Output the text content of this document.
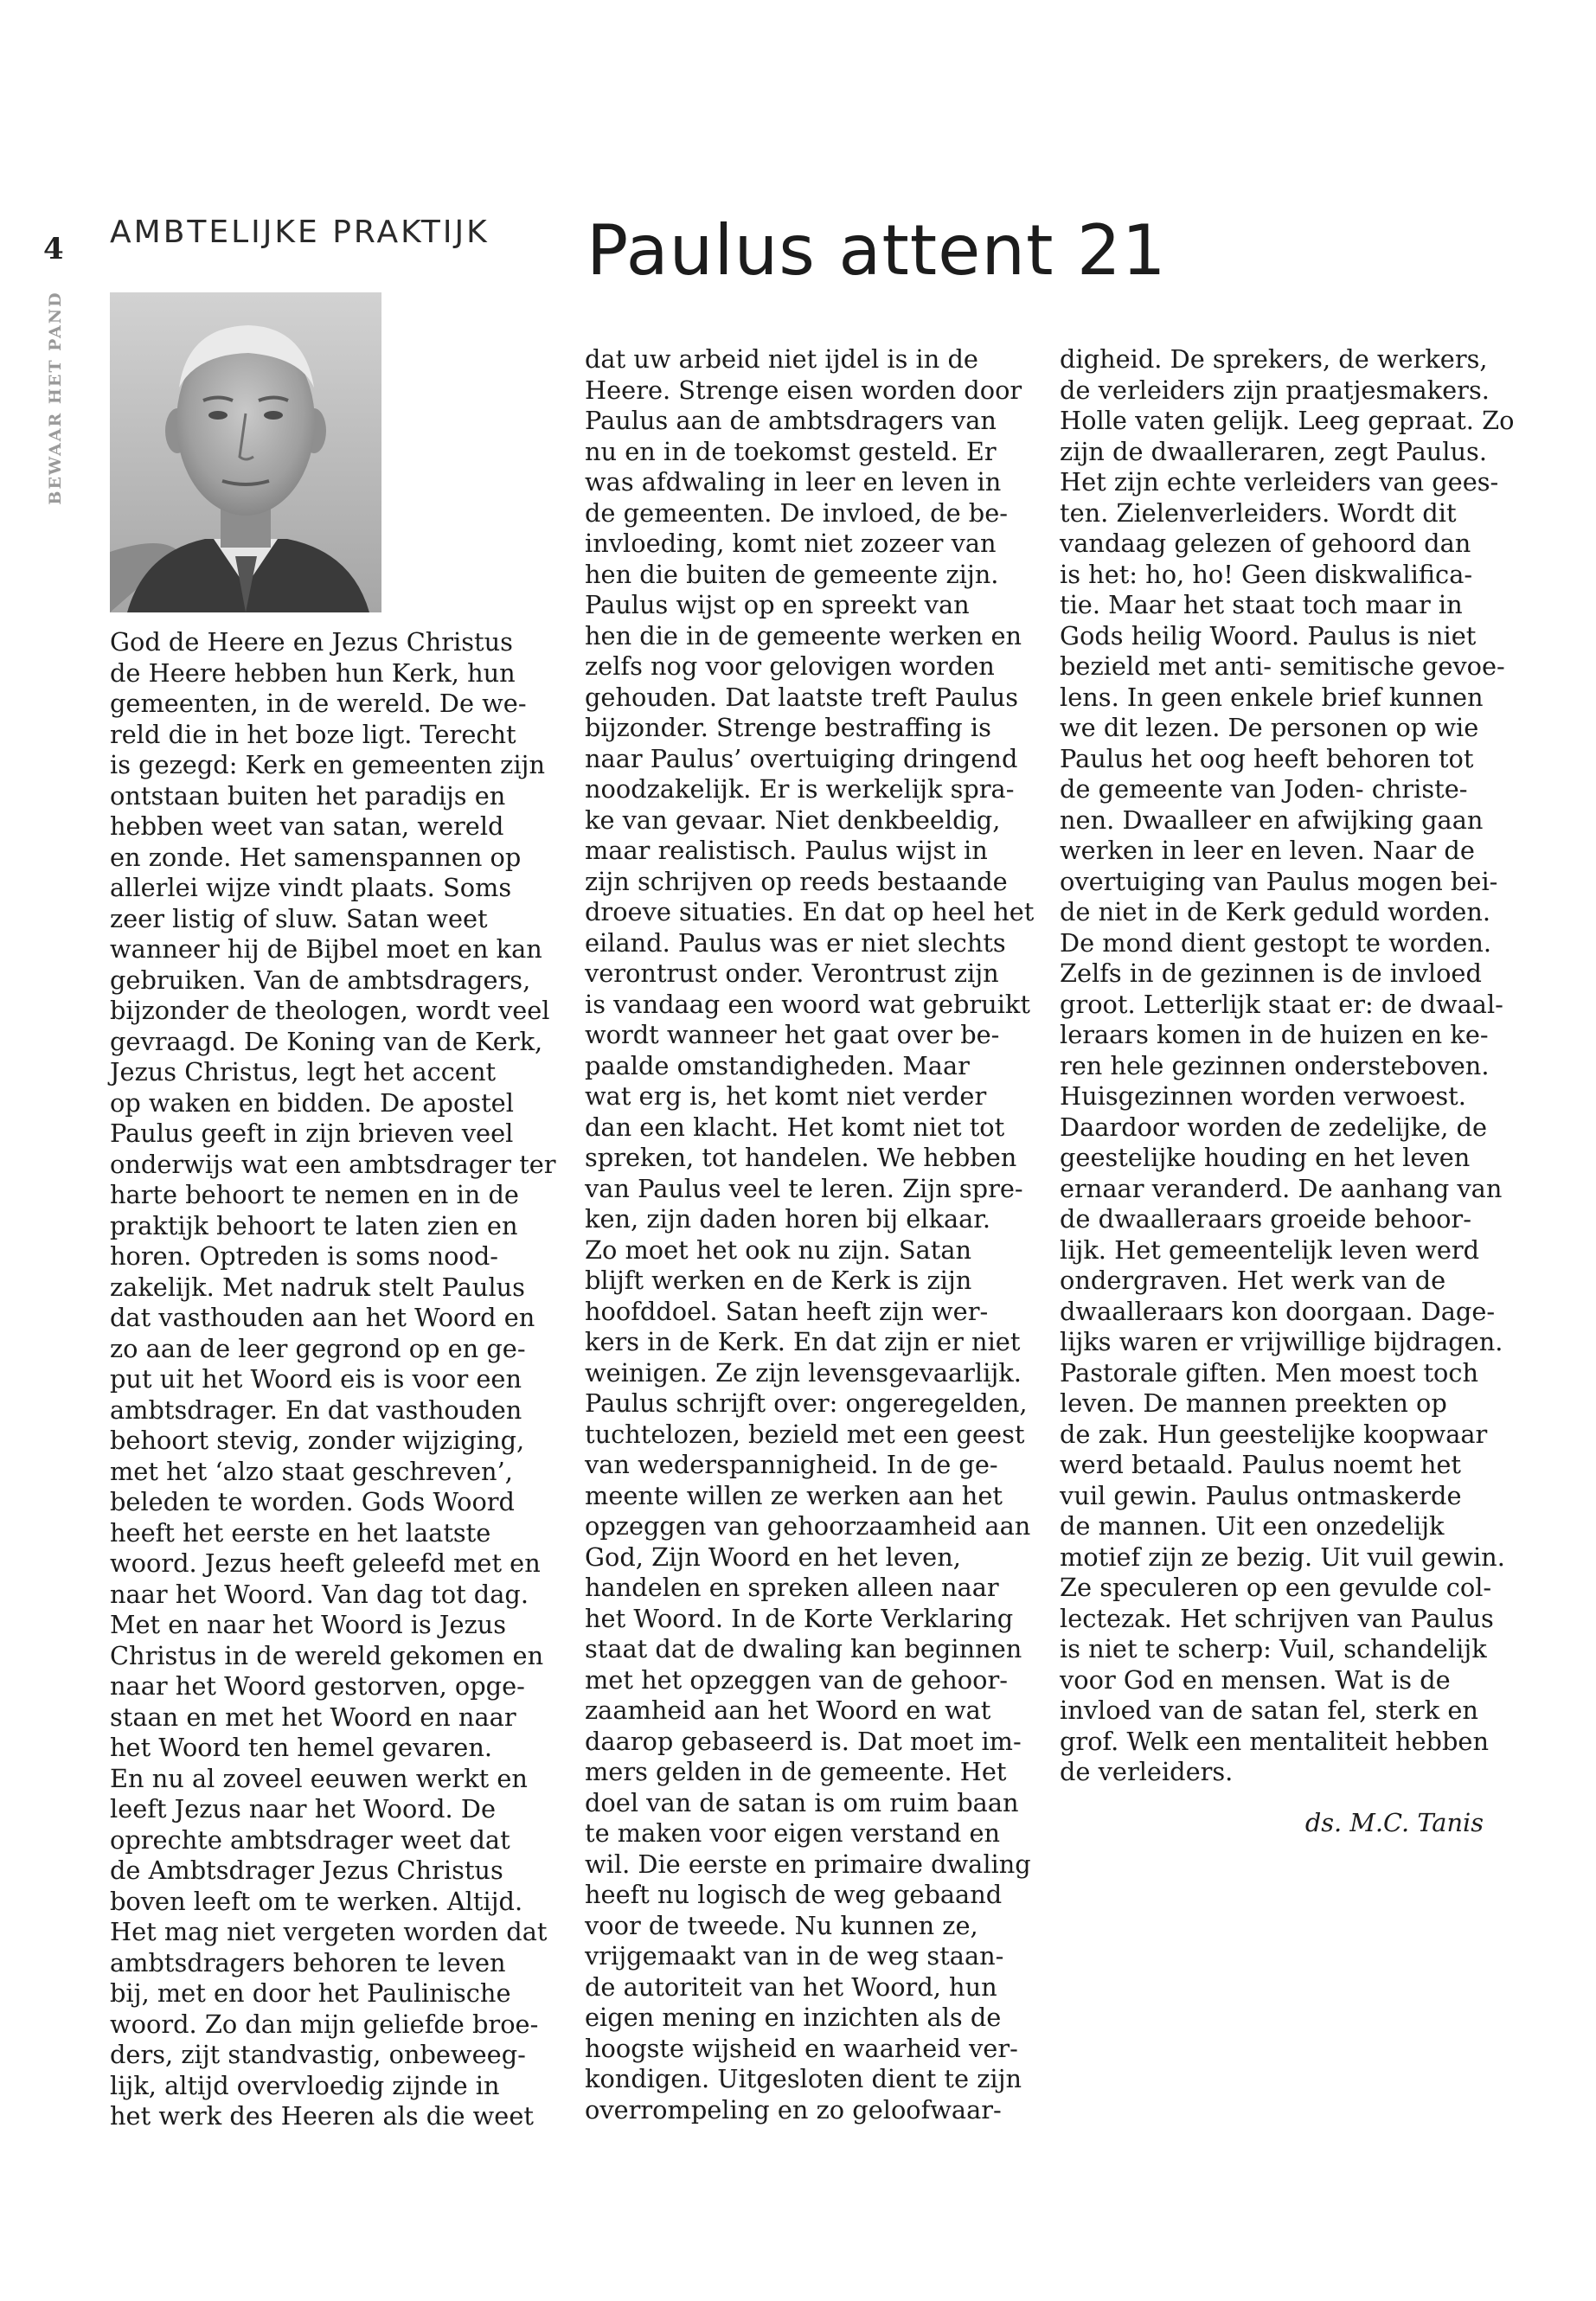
4
BEWAAR HET PAND
AMBTELIJKE PRAKTIJK Paulus attent 21
God de Heere en Jezus Christus
de Heere hebben hun Kerk, hun
gemeenten, in de wereld. De we-
reld die in het boze ligt. Terecht
is gezegd: Kerk en gemeenten zijn
ontstaan buiten het paradijs en
hebben weet van satan, wereld
en zonde. Het samenspannen op
allerlei wijze vindt plaats. Soms
zeer listig of sluw. Satan weet
wanneer hij de Bijbel moet en kan
gebruiken. Van de ambtsdragers,
bijzonder de theologen, wordt veel
gevraagd. De Koning van de Kerk,
Jezus Christus, legt het accent
op waken en bidden. De apostel
Paulus geeft in zijn brieven veel
onderwijs wat een ambtsdrager ter
harte behoort te nemen en in de
praktijk behoort te laten zien en
horen. Optreden is soms nood-
zakelijk. Met nadruk stelt Paulus
dat vasthouden aan het Woord en
zo aan de leer gegrond op en ge-
put uit het Woord eis is voor een
ambtsdrager. En dat vasthouden
behoort stevig, zonder wijziging,
met het ‘alzo staat geschreven’,
beleden te worden. Gods Woord
heeft het eerste en het laatste
woord. Jezus heeft geleefd met en
naar het Woord. Van dag tot dag.
Met en naar het Woord is Jezus
Christus in de wereld gekomen en
naar het Woord gestorven, opge-
staan en met het Woord en naar
het Woord ten hemel gevaren.
En nu al zoveel eeuwen werkt en
leeft Jezus naar het Woord. De
oprechte ambtsdrager weet dat
de Ambtsdrager Jezus Christus
boven leeft om te werken. Altijd.
Het mag niet vergeten worden dat
ambtsdragers behoren te leven
bij, met en door het Paulinische
woord. Zo dan mijn geliefde broe-
ders, zijt standvastig, onbeweeg-
lijk, altijd overvloedig zijnde in
het werk des Heeren als die weet
dat uw arbeid niet ijdel is in de
Heere. Strenge eisen worden door
Paulus aan de ambtsdragers van
nu en in de toekomst gesteld. Er
was afdwaling in leer en leven in
de gemeenten. De invloed, de be-
invloeding, komt niet zozeer van
hen die buiten de gemeente zijn.
Paulus wijst op en spreekt van
hen die in de gemeente werken en
zelfs nog voor gelovigen worden
gehouden. Dat laatste treft Paulus
bijzonder. Strenge bestraffing is
naar Paulus’ overtuiging dringend
noodzakelijk. Er is werkelijk spra-
ke van gevaar. Niet denkbeeldig,
maar realistisch. Paulus wijst in
zijn schrijven op reeds bestaande
droeve situaties. En dat op heel het
eiland. Paulus was er niet slechts
verontrust onder. Verontrust zijn
is vandaag een woord wat gebruikt
wordt wanneer het gaat over be-
paalde omstandigheden. Maar
wat erg is, het komt niet verder
dan een klacht. Het komt niet tot
spreken, tot handelen. We hebben
van Paulus veel te leren. Zijn spre-
ken, zijn daden horen bij elkaar.
Zo moet het ook nu zijn. Satan
blijft werken en de Kerk is zijn
hoofddoel. Satan heeft zijn wer-
kers in de Kerk. En dat zijn er niet
weinigen. Ze zijn levensgevaarlijk.
Paulus schrijft over: ongeregelden,
tuchtelozen, bezield met een geest
van wederspannigheid. In de ge-
meente willen ze werken aan het
opzeggen van gehoorzaamheid aan
God, Zijn Woord en het leven,
handelen en spreken alleen naar
het Woord. In de Korte Verklaring
staat dat de dwaling kan beginnen
met het opzeggen van de gehoor-
zaamheid aan het Woord en wat
daarop gebaseerd is. Dat moet im-
mers gelden in de gemeente. Het
doel van de satan is om ruim baan
te maken voor eigen verstand en
wil. Die eerste en primaire dwaling
heeft nu logisch de weg gebaand
voor de tweede. Nu kunnen ze,
vrijgemaakt van in de weg staan-
de autoriteit van het Woord, hun
eigen mening en inzichten als de
hoogste wijsheid en waarheid ver-
kondigen. Uitgesloten dient te zijn
overrompeling en zo geloofwaar-
digheid. De sprekers, de werkers,
de verleiders zijn praatjesmakers.
Holle vaten gelijk. Leeg gepraat. Zo
zijn de dwaalleraren, zegt Paulus.
Het zijn echte verleiders van gees-
ten. Zielenverleiders. Wordt dit
vandaag gelezen of gehoord dan
is het: ho, ho! Geen diskwalifica-
tie. Maar het staat toch maar in
Gods heilig Woord. Paulus is niet
bezield met anti- semitische gevoe-
lens. In geen enkele brief kunnen
we dit lezen. De personen op wie
Paulus het oog heeft behoren tot
de gemeente van Joden- christe-
nen. Dwaalleer en afwijking gaan
werken in leer en leven. Naar de
overtuiging van Paulus mogen bei-
de niet in de Kerk geduld worden.
De mond dient gestopt te worden.
Zelfs in de gezinnen is de invloed
groot. Letterlijk staat er: de dwaal-
leraars komen in de huizen en ke-
ren hele gezinnen ondersteboven.
Huisgezinnen worden verwoest.
Daardoor worden de zedelijke, de
geestelijke houding en het leven
ernaar veranderd. De aanhang van
de dwaalleraars groeide behoor-
lijk. Het gemeentelijk leven werd
ondergraven. Het werk van de
dwaalleraars kon doorgaan. Dage-
lijks waren er vrijwillige bijdragen.
Pastorale giften. Men moest toch
leven. De mannen preekten op
de zak. Hun geestelijke koopwaar
werd betaald. Paulus noemt het
vuil gewin. Paulus ontmaskerde
de mannen. Uit een onzedelijk
motief zijn ze bezig. Uit vuil gewin.
Ze speculeren op een gevulde col-
lectezak. Het schrijven van Paulus
is niet te scherp: Vuil, schandelijk
voor God en mensen. Wat is de
invloed van de satan fel, sterk en
grof. Welk een mentaliteit hebben
de verleiders.
ds. M.C. Tanis
